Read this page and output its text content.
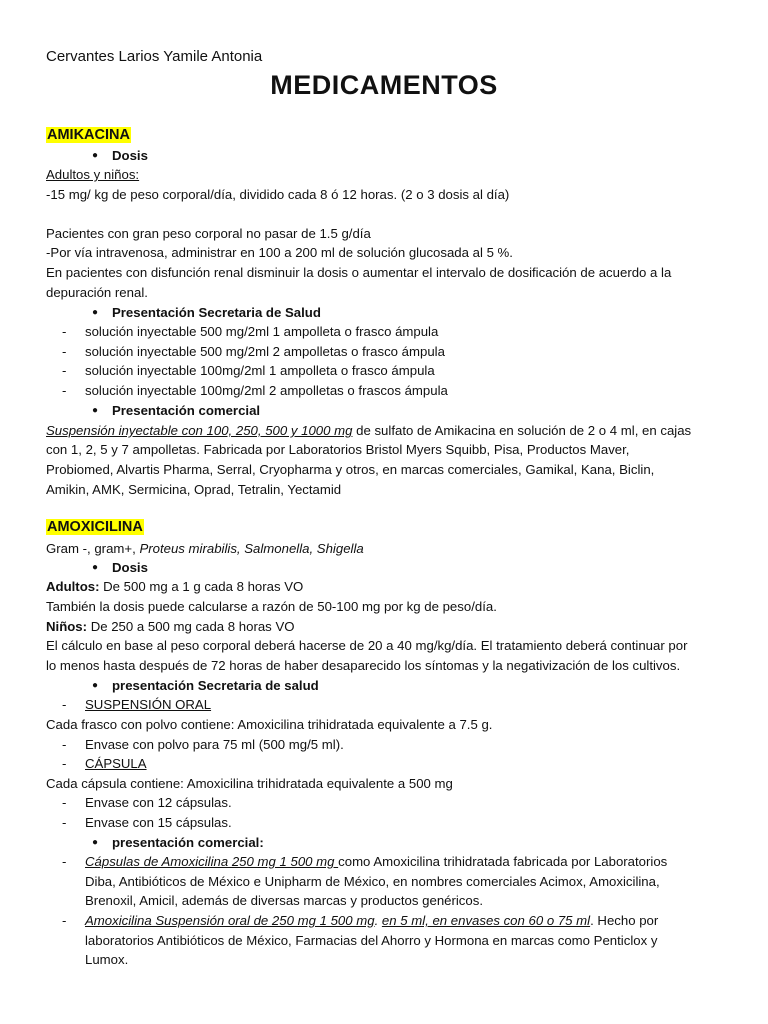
Cervantes Larios Yamile Antonia
MEDICAMENTOS
AMIKACINA
● Dosis
Adultos y niños:
-15 mg/ kg de peso corporal/día, dividido cada 8 ó 12 horas. (2 o 3 dosis al día)
Pacientes con gran peso corporal no pasar de 1.5 g/día
-Por vía intravenosa, administrar en 100 a 200 ml de solución glucosada al 5 %.
En pacientes con disfunción renal disminuir la dosis o aumentar el intervalo de dosificación de acuerdo a la
depuración renal.
● Presentación Secretaria de Salud
- solución inyectable 500 mg/2ml 1 ampolleta o frasco ámpula
- solución inyectable 500 mg/2ml 2 ampolletas o frasco ámpula
- solución inyectable 100mg/2ml 1 ampolleta o frasco ámpula
- solución inyectable 100mg/2ml 2 ampolletas o frascos ámpula
● Presentación comercial
Suspensión inyectable con 100, 250, 500 y 1000 mg de sulfato de Amikacina en solución de 2 o 4 ml, en cajas
con 1, 2, 5 y 7 ampolletas. Fabricada por Laboratorios Bristol Myers Squibb, Pisa, Productos Maver,
Probiomed, Alvartis Pharma, Serral, Cryopharma y otros, en marcas comerciales, Gamikal, Kana, Biclin,
Amikin, AMK, Sermicina, Oprad, Tetralin, Yectamid
AMOXICILINA
Gram -, gram+, Proteus mirabilis, Salmonella, Shigella
● Dosis
Adultos: De 500 mg a 1 g cada 8 horas VO
También la dosis puede calcularse a razón de 50-100 mg por kg de peso/día.
Niños: De 250 a 500 mg cada 8 horas VO
El cálculo en base al peso corporal deberá hacerse de 20 a 40 mg/kg/día. El tratamiento deberá continuar por
lo menos hasta después de 72 horas de haber desaparecido los síntomas y la negativización de los cultivos.
● presentación Secretaria de salud
- SUSPENSIÓN ORAL
Cada frasco con polvo contiene: Amoxicilina trihidratada equivalente a 7.5 g.
- Envase con polvo para 75 ml (500 mg/5 ml).
- CÁPSULA
Cada cápsula contiene: Amoxicilina trihidratada equivalente a 500 mg
- Envase con 12 cápsulas.
- Envase con 15 cápsulas.
● presentación comercial:
- Cápsulas de Amoxicilina 250 mg 1 500 mg como Amoxicilina trihidratada fabricada por Laboratorios
Diba, Antibióticos de México e Unipharm de México, en nombres comerciales Acimox, Amoxicilina,
Brenoxil, Amicil, además de diversas marcas y productos genéricos.
- Amoxicilina Suspensión oral de 250 mg 1 500 mg. en 5 ml, en envases con 60 o 75 ml. Hecho por
laboratorios Antibióticos de México, Farmacias del Ahorro y Hormona en marcas como Penticlox y
Lumox.
